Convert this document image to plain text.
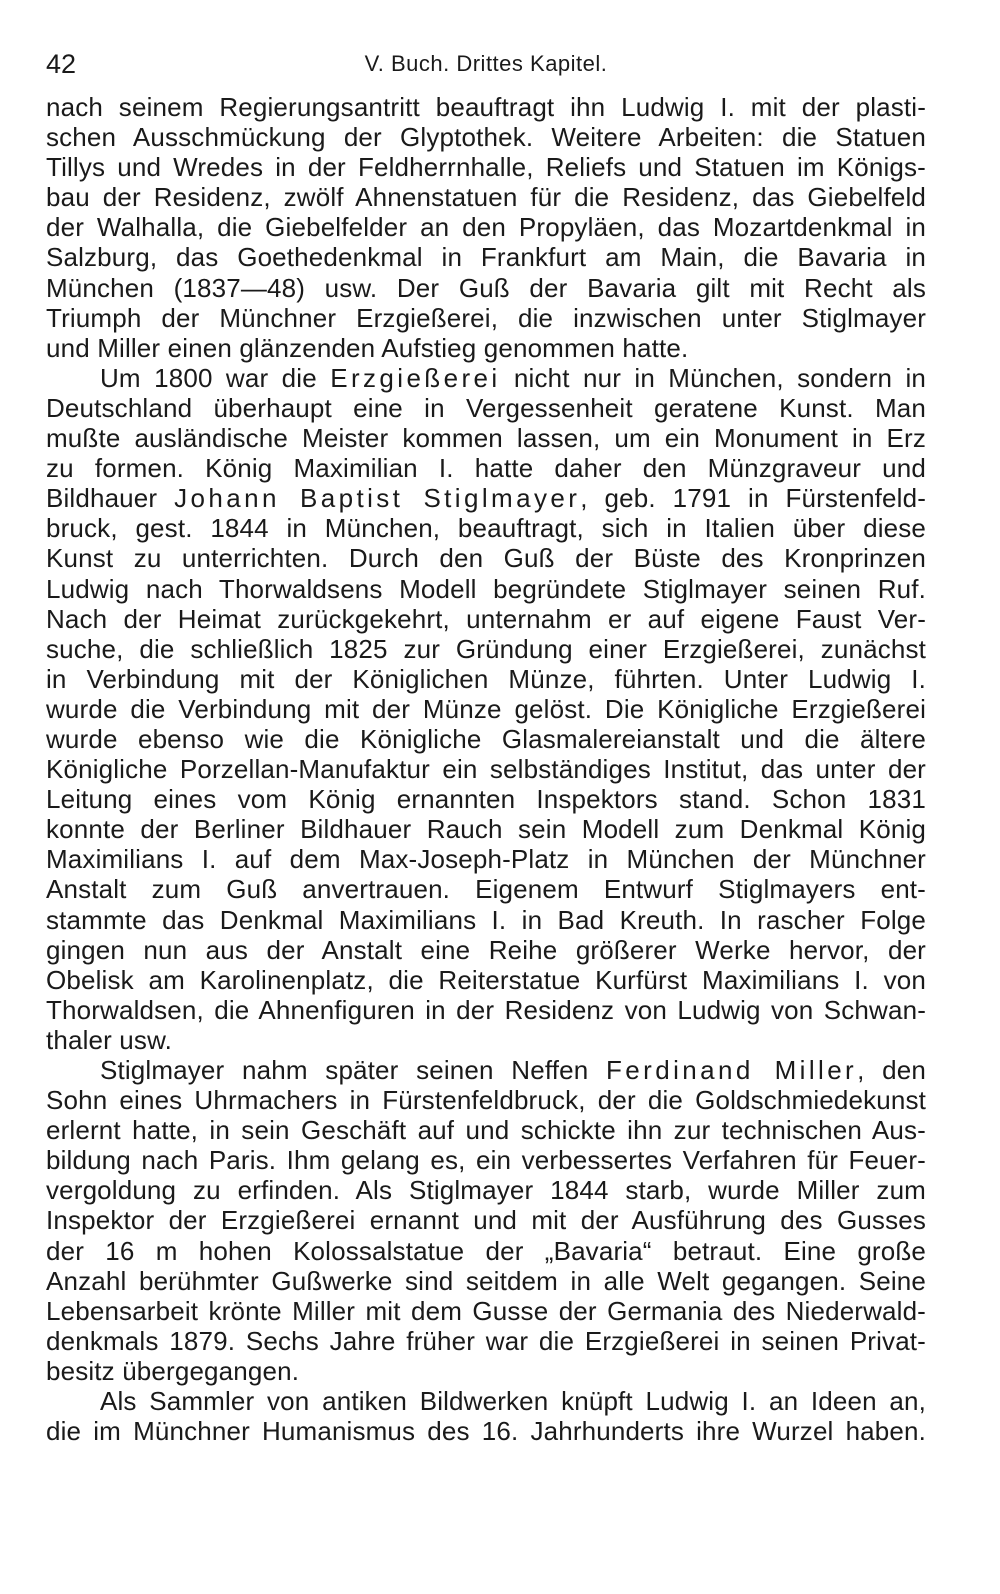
42	V. Buch. Drittes Kapitel.
nach seinem Regierungsantritt beauftragt ihn Ludwig I. mit der plasti-
schen Ausschmückung der Glyptothek. Weitere Arbeiten: die Statuen
Tillys und Wredes in der Feldherrnhalle, Reliefs und Statuen im Königs-
bau der Residenz, zwölf Ahnenstatuen für die Residenz, das Giebelfeld
der Walhalla, die Giebelfelder an den Propyläen, das Mozartdenkmal in
Salzburg, das Goethedenkmal in Frankfurt am Main, die Bavaria in
München (1837—48) usw. Der Guß der Bavaria gilt mit Recht als
Triumph der Münchner Erzgießerei, die inzwischen unter Stiglmayer
und Miller einen glänzenden Aufstieg genommen hatte.
Um 1800 war die Erzgießerei nicht nur in München, sondern in
Deutschland überhaupt eine in Vergessenheit geratene Kunst. Man
mußte ausländische Meister kommen lassen, um ein Monument in Erz
zu formen. König Maximilian I. hatte daher den Münzgraveur und
Bildhauer Johann Baptist Stiglmayer, geb. 1791 in Fürstenfeld-
bruck, gest. 1844 in München, beauftragt, sich in Italien über diese
Kunst zu unterrichten. Durch den Guß der Büste des Kronprinzen
Ludwig nach Thorwaldsens Modell begründete Stiglmayer seinen Ruf.
Nach der Heimat zurückgekehrt, unternahm er auf eigene Faust Ver-
suche, die schließlich 1825 zur Gründung einer Erzgießerei, zunächst
in Verbindung mit der Königlichen Münze, führten. Unter Ludwig I.
wurde die Verbindung mit der Münze gelöst. Die Königliche Erzgießerei
wurde ebenso wie die Königliche Glasmalereianstalt und die ältere
Königliche Porzellan-Manufaktur ein selbständiges Institut, das unter der
Leitung eines vom König ernannten Inspektors stand. Schon 1831
konnte der Berliner Bildhauer Rauch sein Modell zum Denkmal König
Maximilians I. auf dem Max-Joseph-Platz in München der Münchner
Anstalt zum Guß anvertrauen. Eigenem Entwurf Stiglmayers ent-
stammte das Denkmal Maximilians I. in Bad Kreuth. In rascher Folge
gingen nun aus der Anstalt eine Reihe größerer Werke hervor, der
Obelisk am Karolinenplatz, die Reiterstatue Kurfürst Maximilians I. von
Thorwaldsen, die Ahnenfiguren in der Residenz von Ludwig von Schwan-
thaler usw.
Stiglmayer nahm später seinen Neffen Ferdinand Miller, den
Sohn eines Uhrmachers in Fürstenfeldbruck, der die Goldschmiedekunst
erlernt hatte, in sein Geschäft auf und schickte ihn zur technischen Aus-
bildung nach Paris. Ihm gelang es, ein verbessertes Verfahren für Feuer-
vergoldung zu erfinden. Als Stiglmayer 1844 starb, wurde Miller zum
Inspektor der Erzgießerei ernannt und mit der Ausführung des Gusses
der 16 m hohen Kolossalstatue der „Bavaria“ betraut. Eine große
Anzahl berühmter Gußwerke sind seitdem in alle Welt gegangen. Seine
Lebensarbeit krönte Miller mit dem Gusse der Germania des Niederwald-
denkmals 1879. Sechs Jahre früher war die Erzgießerei in seinen Privat-
besitz übergegangen.
Als Sammler von antiken Bildwerken knüpft Ludwig I. an Ideen an,
die im Münchner Humanismus des 16. Jahrhunderts ihre Wurzel haben.
